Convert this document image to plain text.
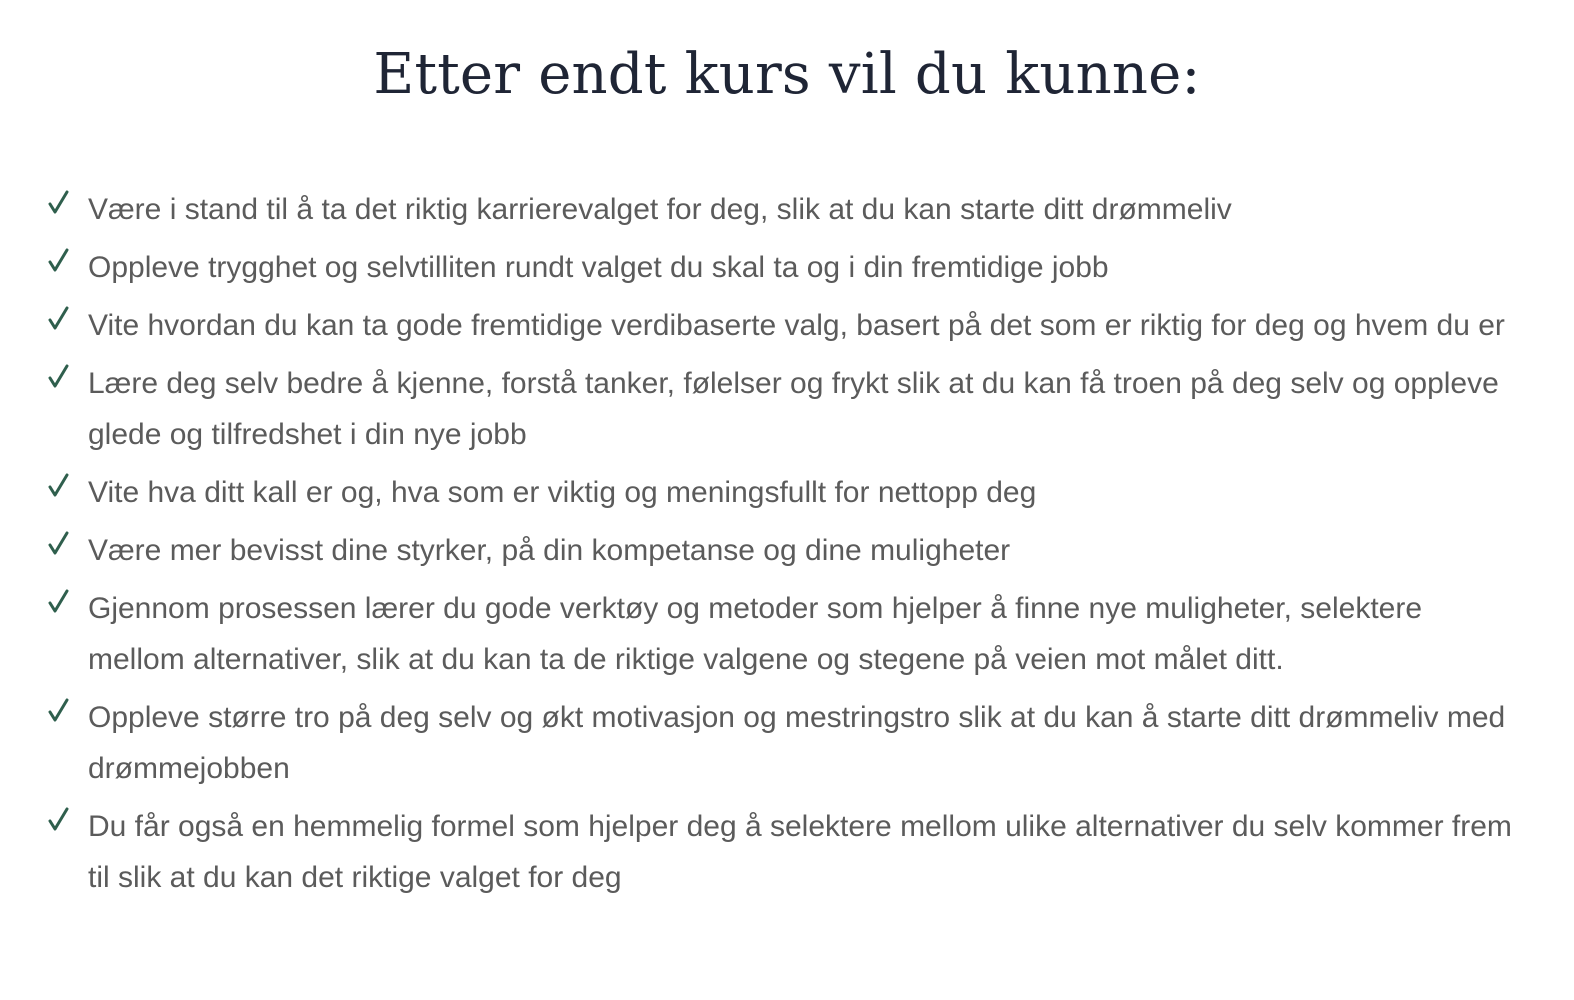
Etter endt kurs vil du kunne:
Være i stand til å ta det riktig karrierevalget for deg, slik at du kan starte ditt drømmeliv
Oppleve trygghet og selvtilliten rundt valget du skal ta og i din fremtidige jobb
Vite hvordan du kan ta gode fremtidige verdibaserte valg, basert på det som er riktig for deg og hvem du er
Lære deg selv bedre å kjenne, forstå tanker, følelser og frykt slik at du kan få troen på deg selv og oppleve glede og tilfredshet i din nye jobb
Vite hva ditt kall er og, hva som er viktig og meningsfullt for nettopp deg
Være mer bevisst dine styrker, på din kompetanse og dine muligheter
Gjennom prosessen lærer du gode verktøy og metoder som hjelper å finne nye muligheter, selektere mellom alternativer, slik at du kan ta de riktige valgene og stegene på veien mot målet ditt.
Oppleve større tro på deg selv og økt motivasjon og mestringstro slik at du kan å starte ditt drømmeliv med drømmejobben
Du får også en hemmelig formel som hjelper deg å selektere mellom ulike alternativer du selv kommer frem til slik at du kan det riktige valget for deg
